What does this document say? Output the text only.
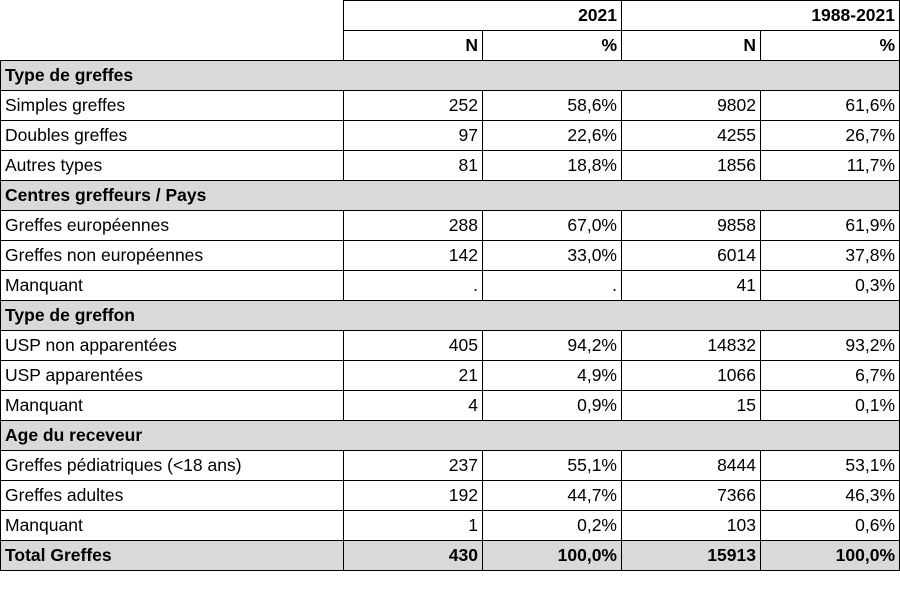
	2021		1988-2021	
	N	%	N	%
Type de greffes				
Simples greffes	252	58,6%	9802	61,6%
Doubles greffes	97	22,6%	4255	26,7%
Autres types	81	18,8%	1856	11,7%
Centres greffeurs / Pays				
Greffes européennes	288	67,0%	9858	61,9%
Greffes non européennes	142	33,0%	6014	37,8%
Manquant	.	.	41	0,3%
Type de greffon				
USP non apparentées	405	94,2%	14832	93,2%
USP apparentées	21	4,9%	1066	6,7%
Manquant	4	0,9%	15	0,1%
Age du receveur				
Greffes pédiatriques (<18 ans)	237	55,1%	8444	53,1%
Greffes adultes	192	44,7%	7366	46,3%
Manquant	1	0,2%	103	0,6%
Total Greffes	430	100,0%	15913	100,0%
